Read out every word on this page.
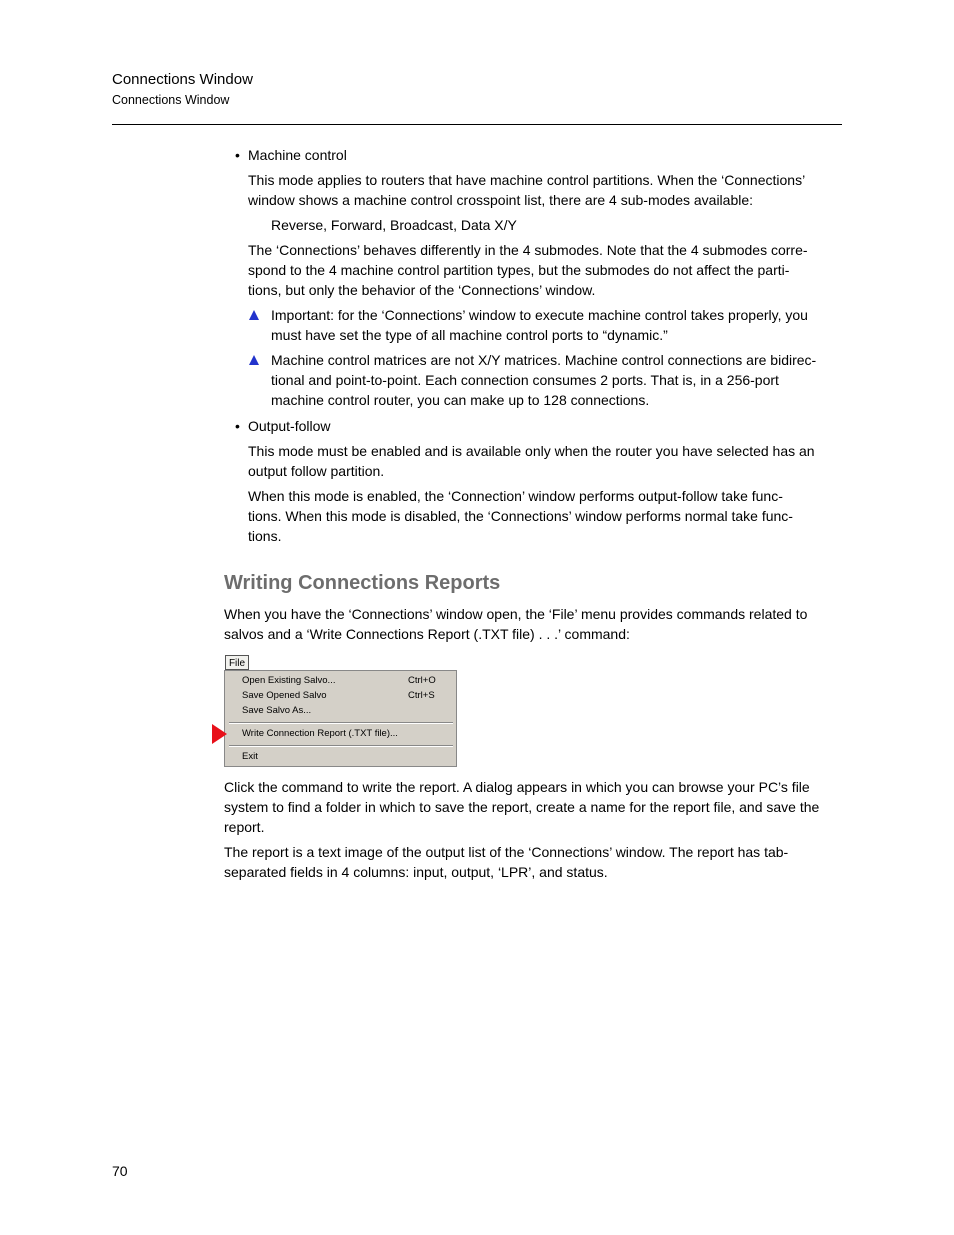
Connections Window
Connections Window
• Machine control
This mode applies to routers that have machine control partitions. When the ‘Connections’
window shows a machine control crosspoint list, there are 4 sub-modes available:
Reverse, Forward, Broadcast, Data X/Y
The ‘Connections’ behaves differently in the 4 submodes. Note that the 4 submodes corre-
spond to the 4 machine control partition types, but the submodes do not affect the parti-
tions, but only the behavior of the ‘Connections’ window.
Important: for the ‘Connections’ window to execute machine control takes properly, you
must have set the type of all machine control ports to “dynamic.”
Machine control matrices are not X/Y matrices. Machine control connections are bidirec-
tional and point-to-point. Each connection consumes 2 ports. That is, in a 256-port
machine control router, you can make up to 128 connections.
• Output-follow
This mode must be enabled and is available only when the router you have selected has an
output follow partition.
When this mode is enabled, the ‘Connection’ window performs output-follow take func-
tions. When this mode is disabled, the ‘Connections’ window performs normal take func-
tions.
Writing Connections Reports
When you have the ‘Connections’ window open, the ‘File’ menu provides commands related to
salvos and a ‘Write Connections Report (.TXT file) . . .’ command:
File
Open Existing Salvo...	Ctrl+O
Save Opened Salvo	Ctrl+S
Save Salvo As...
Write Connection Report (.TXT file)...
Exit
Click the command to write the report. A dialog appears in which you can browse your PC’s file
system to find a folder in which to save the report, create a name for the report file, and save the
report.
The report is a text image of the output list of the ‘Connections’ window. The report has tab-
separated fields in 4 columns: input, output, ‘LPR’, and status.
70
